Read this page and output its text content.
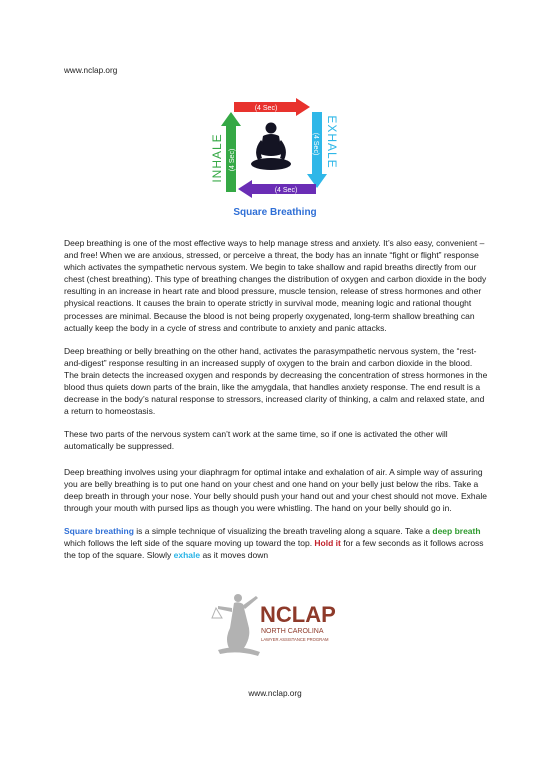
www.nclap.org
(4 Sec)
(4 Sec)
INHALE	(4 Sec) EXHALE
(4 Sec)
Square Breathing

Deep breathing is one of the most effective ways to help manage stress and anxiety. It’s also easy, convenient – and free! When we are anxious, stressed, or perceive a threat, the body has an innate “fight or flight” response which activates the sympathetic nervous system. We begin to take shallow and rapid breaths directly from our chest (chest breathing). This type of breathing changes the distribution of oxygen and carbon dioxide in the body resulting in an increase in heart rate and blood pressure, muscle tension, release of stress hormones and other physical reactions. It causes the brain to operate strictly in survival mode, meaning logic and rational thought processes are minimal. Because the blood is not being properly oxygenated, long-term shallow breathing can actually keep the body in a cycle of stress and contribute to anxiety and panic attacks.

Deep breathing or belly breathing on the other hand, activates the parasympathetic nervous system, the “rest-and-digest” response resulting in an increased supply of oxygen to the brain and carbon dioxide in the blood. The brain detects the increased oxygen and responds by decreasing the concentration of stress hormones in the blood thus quiets down parts of the brain, like the amygdala, that handles anxiety response. The end result is a decrease in the body’s natural response to stressors, increased clarity of thinking, a calm and relaxed state, and a return to homeostasis.

These two parts of the nervous system can’t work at the same time, so if one is activated the other will automatically be suppressed.

Deep breathing involves using your diaphragm for optimal intake and exhalation of air. A simple way of assuring you are belly breathing is to put one hand on your chest and one hand on your belly just below the ribs. Take a deep breath in through your nose. Your belly should push your hand out and your chest should not move. Exhale through your mouth with pursed lips as though you were whistling. The hand on your belly should go in.

Square breathing is a simple technique of visualizing the breath traveling along a square. Take a deep breath which follows the left side of the square moving up toward the top. Hold it for a few seconds as it follows across the top of the square. Slowly exhale as it moves down

NCLAP
NORTH CAROLINA
LAWYER ASSISTANCE PROGRAM
www.nclap.org
